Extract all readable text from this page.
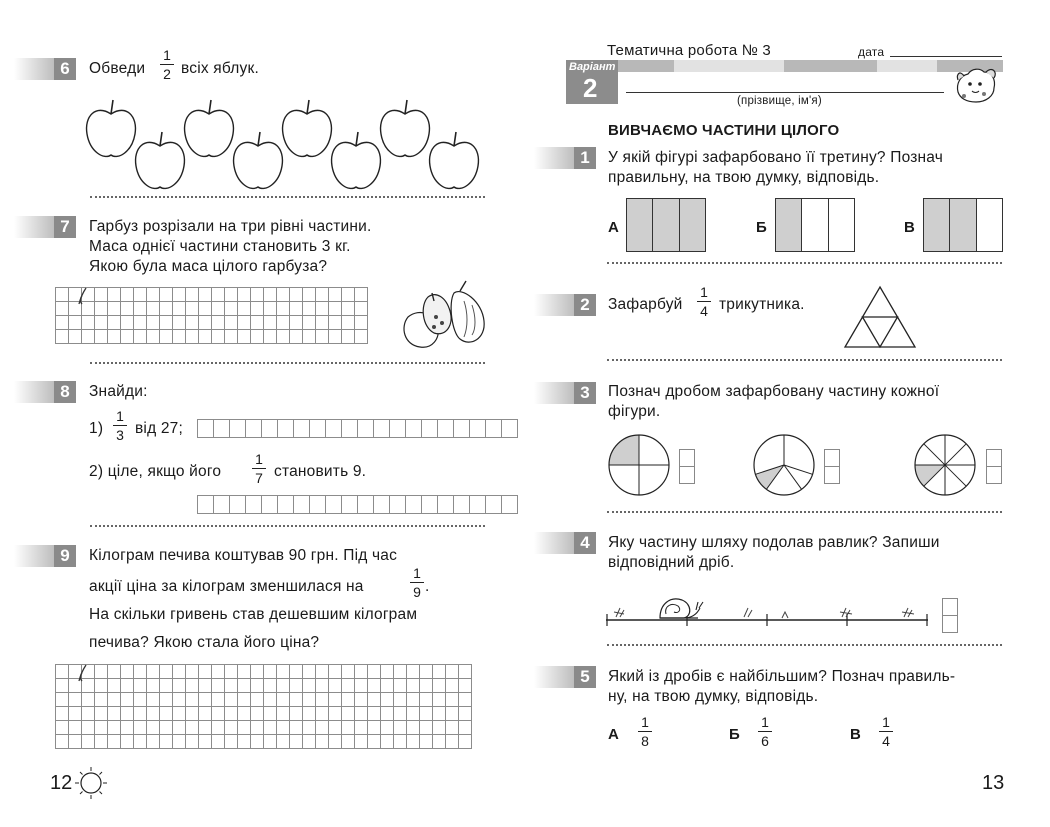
6	Обведи
1
2 всіх яблук.
7	Гарбуз розрізали на три рівні частини.
Маса однієї частини становить 3 кг.
Якою була маса цілого гарбуза?

8	Знайди:
1)
1
3 від 27;
2) ціле, якщо його
1
7 становить 9.
9	Кілограм печива коштував 90 грн. Під час
акції ціна за кілограм зменшилася на
1
9 .
На скільки гривень став дешевшим кілограм
печива? Якою стала його ціна?

12
Тематична робота № 3	дата
Варіант
2	(прізвище, ім'я)
ВИВЧАЄМО ЧАСТИНИ ЦІЛОГО
1	У якій фігурі зафарбовано її третину? Познач
правильну, на твою думку, відповідь.
А	Б	В
2	Зафарбуй
1
4 трикутника.
3	Познач дробом зафарбовану частину кожної
фігури.
4	Яку частину шляху подолав равлик? Запиши
відповідний дріб.
5	Який із дробів є найбільшим? Познач правиль-
ну, на твою думку, відповідь.
А
1
8	Б
1
6	В
1
4
13
